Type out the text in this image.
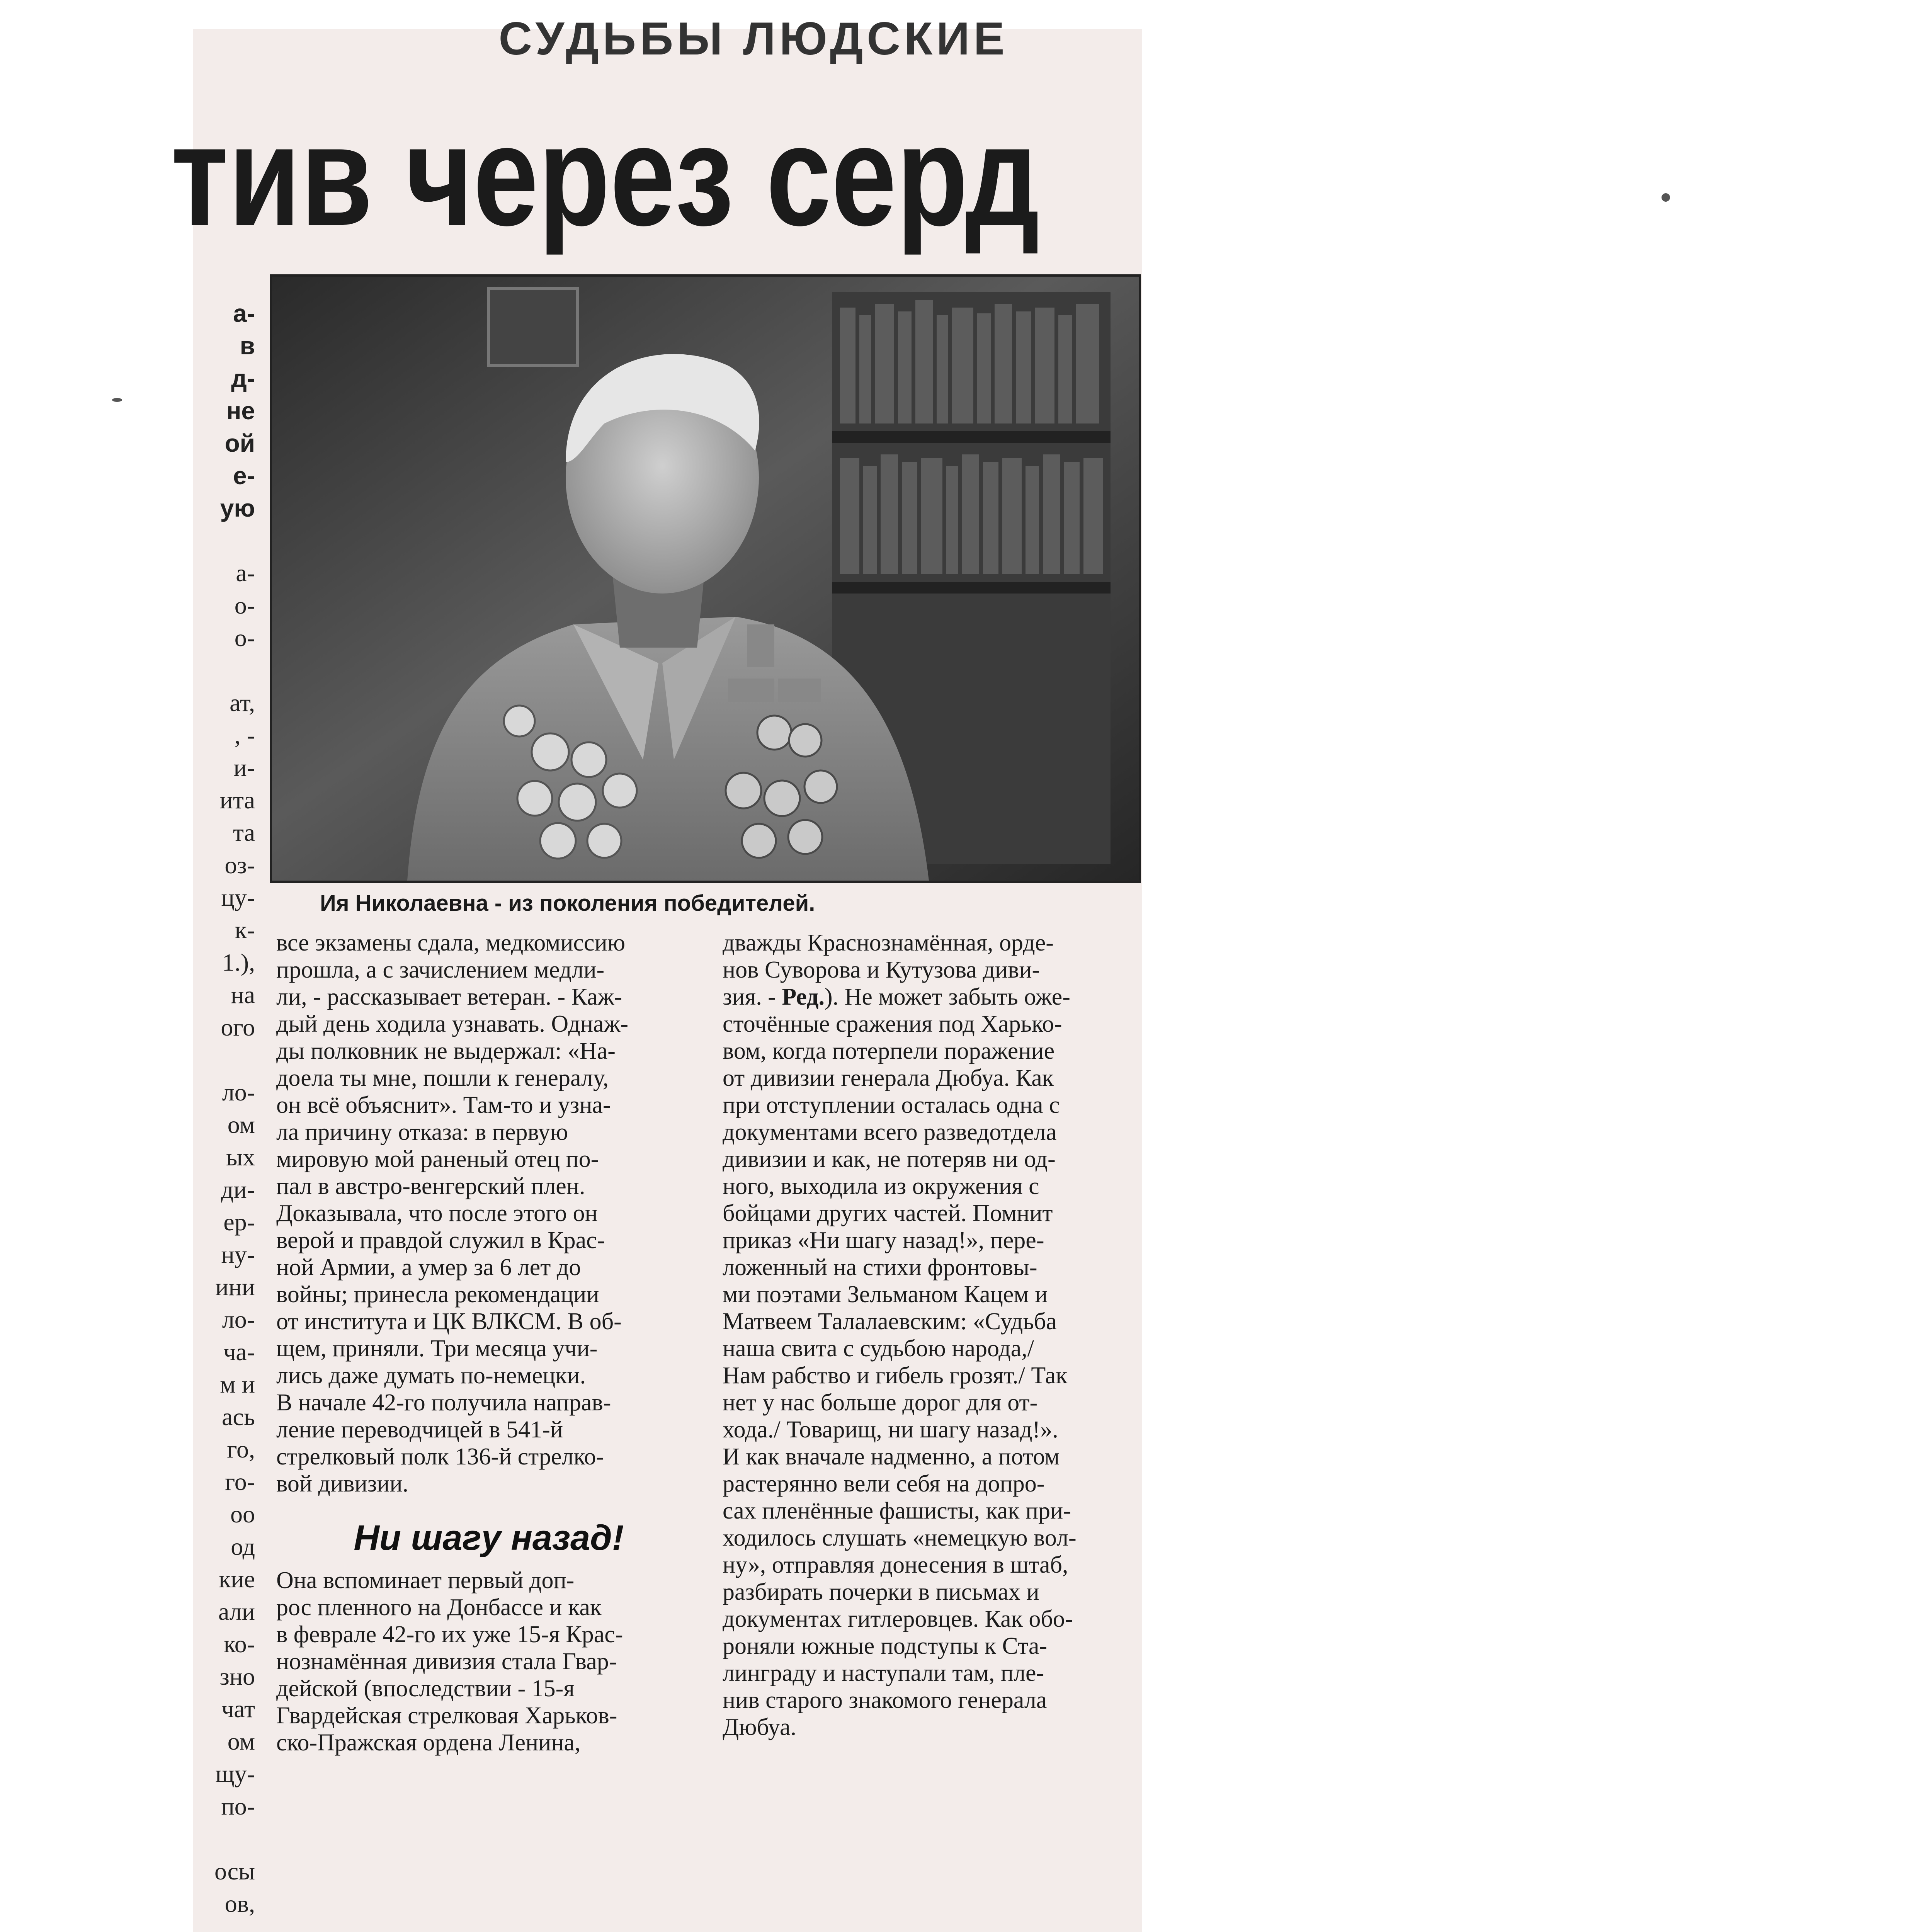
СУДЬБЫ ЛЮДСКИЕ
тив через серд
а-
в
д-
не
ой
е-
ую
а-
о-
о-
ат,
, -
и-
ита
та
оз-
цу-
к-
1.),
на
ого
ло-
ом
ых
ди-
ер-
ну-
ини
ло-
ча-
м и
ась
го,
го-
оо
од
кие
али
ко-
зно
чат
ом
щу-
по-
осы
ов,
Ия Николаевна - из поколения победителей.
все экзамены сдала, медкомиссию
прошла, а с зачислением медли-
ли, - рассказывает ветеран. - Каж-
дый день ходила узнавать. Однаж-
ды полковник не выдержал: «На-
доела ты мне, пошли к генералу,
он всё объяснит». Там-то и узна-
ла причину отказа: в первую
мировую мой раненый отец по-
пал в австро-венгерский плен.
Доказывала, что после этого он
верой и правдой служил в Крас-
ной Армии, а умер за 6 лет до
войны; принесла рекомендации
от института и ЦК ВЛКСМ. В об-
щем, приняли. Три месяца учи-
лись даже думать по-немецки.
В начале 42-го получила направ-
ление переводчицей в 541-й
стрелковый полк 136-й стрелко-
вой дивизии.
Ни шагу назад!
Она вспоминает первый доп-
рос пленного на Донбассе и как
в феврале 42-го их уже 15-я Крас-
нознамённая дивизия стала Гвар-
дейской (впоследствии - 15-я
Гвардейская стрелковая Харьков-
ско-Пражская ордена Ленина,
дважды Краснознамённая, орде-
нов Суворова и Кутузова диви-
зия. - Ред.). Не может забыть оже-
сточённые сражения под Харько-
вом, когда потерпели поражение
от дивизии генерала Дюбуа. Как
при отступлении осталась одна с
документами всего разведотдела
дивизии и как, не потеряв ни од-
ного, выходила из окружения с
бойцами других частей. Помнит
приказ «Ни шагу назад!», пере-
ложенный на стихи фронтовы-
ми поэтами Зельманом Кацем и
Матвеем Талалаевским: «Судьба
наша свита с судьбою народа,/
Нам рабство и гибель грозят./ Так
нет у нас больше дорог для от-
хода./ Товарищ, ни шагу назад!».
И как вначале надменно, а потом
растерянно вели себя на допро-
сах пленённые фашисты, как при-
ходилось слушать «немецкую вол-
ну», отправляя донесения в штаб,
разбирать почерки в письмах и
документах гитлеровцев. Как обо-
роняли южные подступы к Ста-
линграду и наступали там, пле-
нив старого знакомого генерала
Дюбуа.
